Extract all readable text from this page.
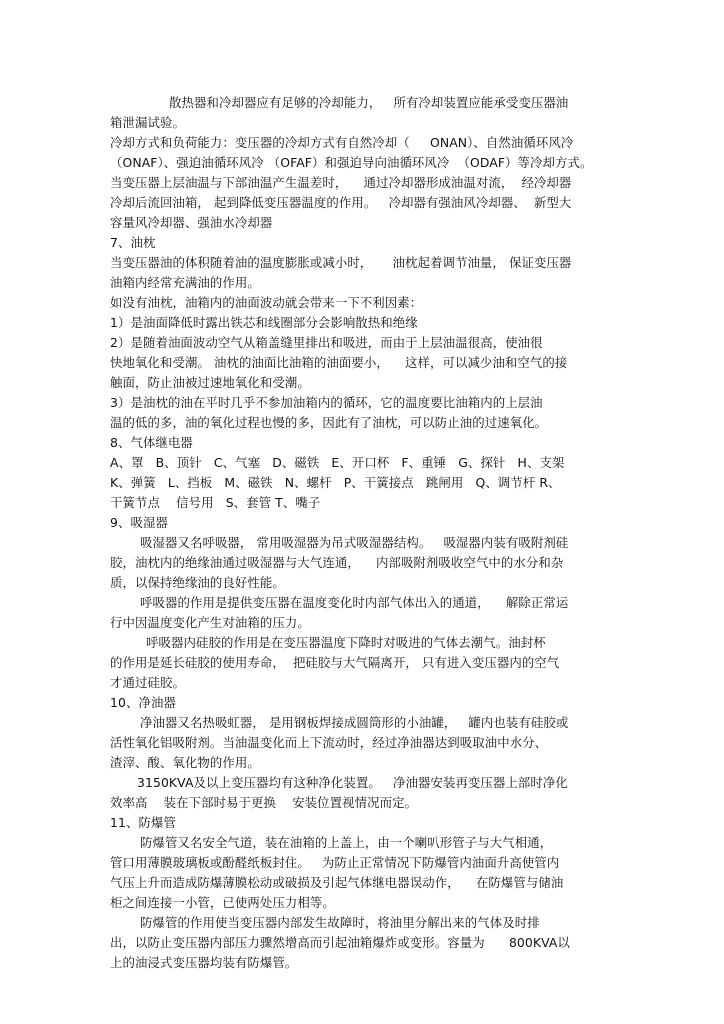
散热器和冷却器应有足够的冷却能力，   所有冷却装置应能承受变压器油

箱泄漏试验。

冷却方式和负荷能力：变压器的冷却方式有自然冷却（     ONAN）、自然油循环风冷

（ONAF）、强迫油循环风冷 （OFAF）和强迫导向油循环风冷  （ODAF）等冷却方式。

当变压器上层油温与下部油温产生温差时，    通过冷却器形成油温对流，  经冷却器

冷却后流回油箱， 起到降低变压器温度的作用。   冷却器有强油风冷却器、  新型大

容量风冷却器、强油水冷却器

7、油枕

当变压器油的体积随着油的温度膨胀或减小时，     油枕起着调节油量， 保证变压器

油箱内经常充满油的作用。

如没有油枕，油箱内的油面波动就会带来一下不利因素：

1）是油面降低时露出铁芯和线圈部分会影响散热和绝缘

2）是随着油面波动空气从箱盖缝里排出和吸进，而由于上层油温很高，使油很

快地氧化和受潮。 油枕的油面比油箱的油面要小，    这样，可以减少油和空气的接

触面，防止油被过速地氧化和受潮。

3）是油枕的油在平时几乎不参加油箱内的循环，它的温度要比油箱内的上层油

温的低的多，油的氧化过程也慢的多，因此有了油枕，可以防止油的过速氧化。

8、气体继电器

A、罩   B、顶针   C、气塞   D、磁铁   E、开口杯   F、重锤   G、探针   H、支架

K、弹簧   L、挡板   M、磁铁   N、螺杆   P、干簧接点   跳闸用   Q、调节杆 R、

干簧节点    信号用   S、套管 T、嘴子

9、吸湿器

吸湿器又名呼吸器， 常用吸湿器为吊式吸湿器结构。   吸湿器内装有吸附剂硅

胶，油枕内的绝缘油通过吸湿器与大气连通，    内部吸附剂吸收空气中的水分和杂

质，以保持绝缘油的良好性能。

呼吸器的作用是提供变压器在温度变化时内部气体出入的通道，    解除正常运

行中因温度变化产生对油箱的压力。

呼吸器内硅胶的作用是在变压器温度下降时对吸进的气体去潮气。油封杯

的作用是延长硅胶的使用寿命，  把硅胶与大气隔离开， 只有进入变压器内的空气

才通过硅胶。

10、净油器

净油器又名热吸虹器， 是用钢板焊接成圆筒形的小油罐，   罐内也装有硅胶或

活性氧化铝吸附剂。当油温变化而上下流动时，经过净油器达到吸取油中水分、

渣滓、酸、氧化物的作用。

3150KVA及以上变压器均有这种净化装置。   净油器安装再变压器上部时净化

效率高    装在下部时易于更换    安装位置视情况而定。

11、防爆管

防爆管又名安全气道，装在油箱的上盖上，由一个喇叭形管子与大气相通，

管口用薄膜玻璃板或酚醛纸板封住。   为防止正常情况下防爆管内油面升高使管内

气压上升而造成防爆薄膜松动或破损及引起气体继电器误动作，    在防爆管与储油

柜之间连接一小管，已使两处压力相等。

防爆管的作用使当变压器内部发生故障时，将油里分解出来的气体及时排

出，以防止变压器内部压力骤然增高而引起油箱爆炸或变形。容量为      800KVA以

上的油浸式变压器均装有防爆管。
